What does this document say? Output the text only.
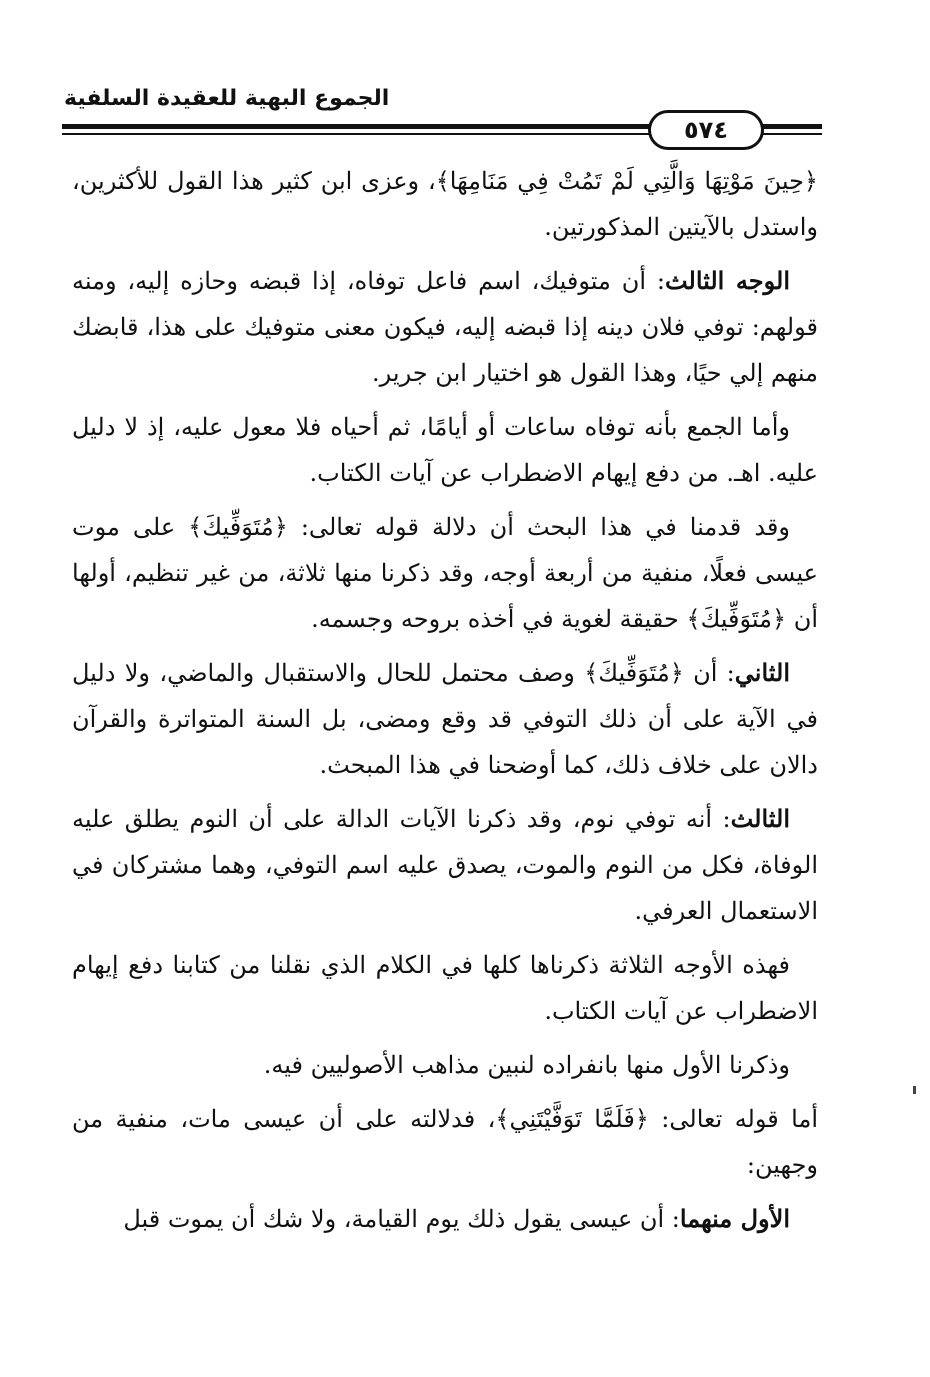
الجموع البهية للعقيدة السلفية
٥٧٤

﴿حِينَ مَوْتِهَا وَالَّتِي لَمْ تَمُتْ فِي مَنَامِهَا﴾، وعزى ابن كثير هذا القول للأكثرين، واستدل بالآيتين المذكورتين.

الوجه الثالث: أن متوفيك، اسم فاعل توفاه، إذا قبضه وحازه إليه، ومنه قولهم: توفي فلان دينه إذا قبضه إليه، فيكون معنى متوفيك على هذا، قابضك منهم إلي حيًا، وهذا القول هو اختيار ابن جرير.

وأما الجمع بأنه توفاه ساعات أو أيامًا، ثم أحياه فلا معول عليه، إذ لا دليل عليه. اهـ. من دفع إيهام الاضطراب عن آيات الكتاب.

وقد قدمنا في هذا البحث أن دلالة قوله تعالى: ﴿مُتَوَفِّيكَ﴾ على موت عيسى فعلًا، منفية من أربعة أوجه، وقد ذكرنا منها ثلاثة، من غير تنظيم، أولها أن ﴿مُتَوَفِّيكَ﴾ حقيقة لغوية في أخذه بروحه وجسمه.

الثاني: أن ﴿مُتَوَفِّيكَ﴾ وصف محتمل للحال والاستقبال والماضي، ولا دليل في الآية على أن ذلك التوفي قد وقع ومضى، بل السنة المتواترة والقرآن دالان على خلاف ذلك، كما أوضحنا في هذا المبحث.

الثالث: أنه توفي نوم، وقد ذكرنا الآيات الدالة على أن النوم يطلق عليه الوفاة، فكل من النوم والموت، يصدق عليه اسم التوفي، وهما مشتركان في الاستعمال العرفي.

فهذه الأوجه الثلاثة ذكرناها كلها في الكلام الذي نقلنا من كتابنا دفع إيهام الاضطراب عن آيات الكتاب.

وذكرنا الأول منها بانفراده لنبين مذاهب الأصوليين فيه.

أما قوله تعالى: ﴿فَلَمَّا تَوَفَّيْتَنِي﴾، فدلالته على أن عيسى مات، منفية من وجهين:

الأول منهما: أن عيسى يقول ذلك يوم القيامة، ولا شك أن يموت قبل
